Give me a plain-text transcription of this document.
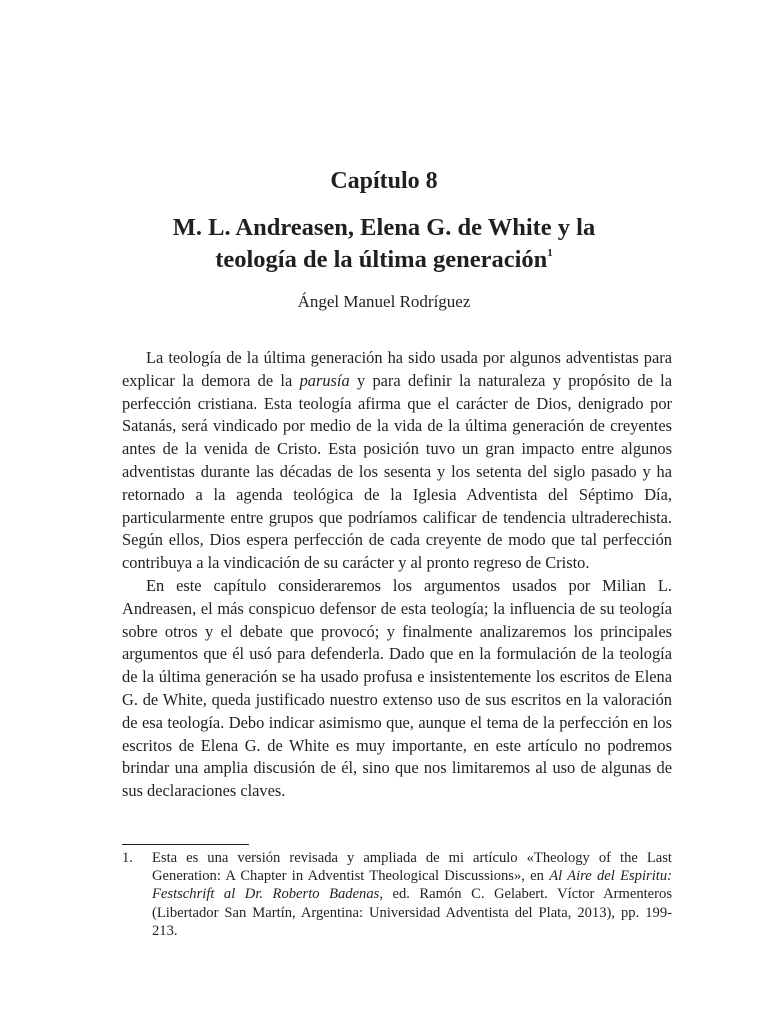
Capítulo 8
M. L. Andreasen, Elena G. de White y la
teología de la última generación$^1$
Ángel Manuel Rodríguez

La teología de la última generación ha sido usada por algunos adventistas para explicar la demora de la parusía y para definir la naturaleza y propósito de la perfección cristiana. Esta teología afirma que el carácter de Dios, denigrado por Satanás, será vindicado por medio de la vida de la última generación de creyentes antes de la venida de Cristo. Esta posición tuvo un gran impacto entre algunos adventistas durante las décadas de los sesenta y los setenta del siglo pasado y ha retornado a la agenda teológica de la Iglesia Adventista del Séptimo Día, particularmente entre grupos que podríamos calificar de tendencia ultraderechista. Según ellos, Dios espera perfección de cada creyente de modo que tal perfección contribuya a la vindicación de su carácter y al pronto regreso de Cristo.

En este capítulo consideraremos los argumentos usados por Milian L. Andreasen, el más conspicuo defensor de esta teología; la influencia de su teología sobre otros y el debate que provocó; y finalmente analizaremos los principales argumentos que él usó para defenderla. Dado que en la formulación de la teología de la última generación se ha usado profusa e insistentemente los escritos de Elena G. de White, queda justificado nuestro extenso uso de sus escritos en la valoración de esa teología. Debo indicar asimismo que, aunque el tema de la perfección en los escritos de Elena G. de White es muy importante, en este artículo no podremos brindar una amplia discusión de él, sino que nos limitaremos al uso de algunas de sus declaraciones claves.

1. Esta es una versión revisada y ampliada de mi artículo «Theology of the Last Generation: A Chapter in Adventist Theological Discussions», en Al Aire del Espiritu: Festschrift al Dr. Roberto Badenas, ed. Ramón C. Gelabert. Víctor Armenteros (Libertador San Martín, Argentina: Universidad Adventista del Plata, 2013), pp. 199-213.
